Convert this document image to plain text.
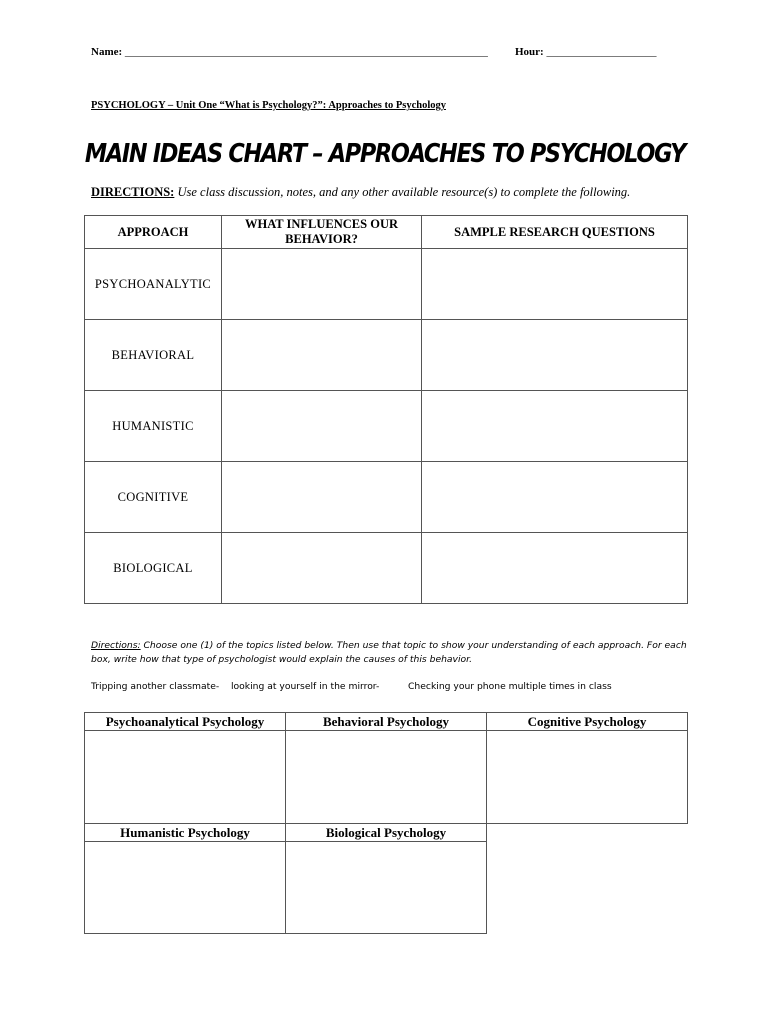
Name: __________________________________________________________________ Hour: ____________________
PSYCHOLOGY – Unit One “What is Psychology?”: Approaches to Psychology
MAIN IDEAS CHART – APPROACHES TO PSYCHOLOGY
DIRECTIONS: Use class discussion, notes, and any other available resource(s) to complete the following.
APPROACH	WHAT INFLUENCES OUR BEHAVIOR?	SAMPLE RESEARCH QUESTIONS
PSYCHOANALYTIC		
BEHAVIORAL		
HUMANISTIC		
COGNITIVE		
BIOLOGICAL		
Directions: Choose one (1) of the topics listed below. Then use that topic to show your understanding of each approach. For each box, write how that type of psychologist would explain the causes of this behavior.
Tripping another classmate- looking at yourself in the mirror-	Checking your phone multiple times in class
Psychoanalytical Psychology	Behavioral Psychology	Cognitive Psychology

Humanistic Psychology	Biological Psychology	
